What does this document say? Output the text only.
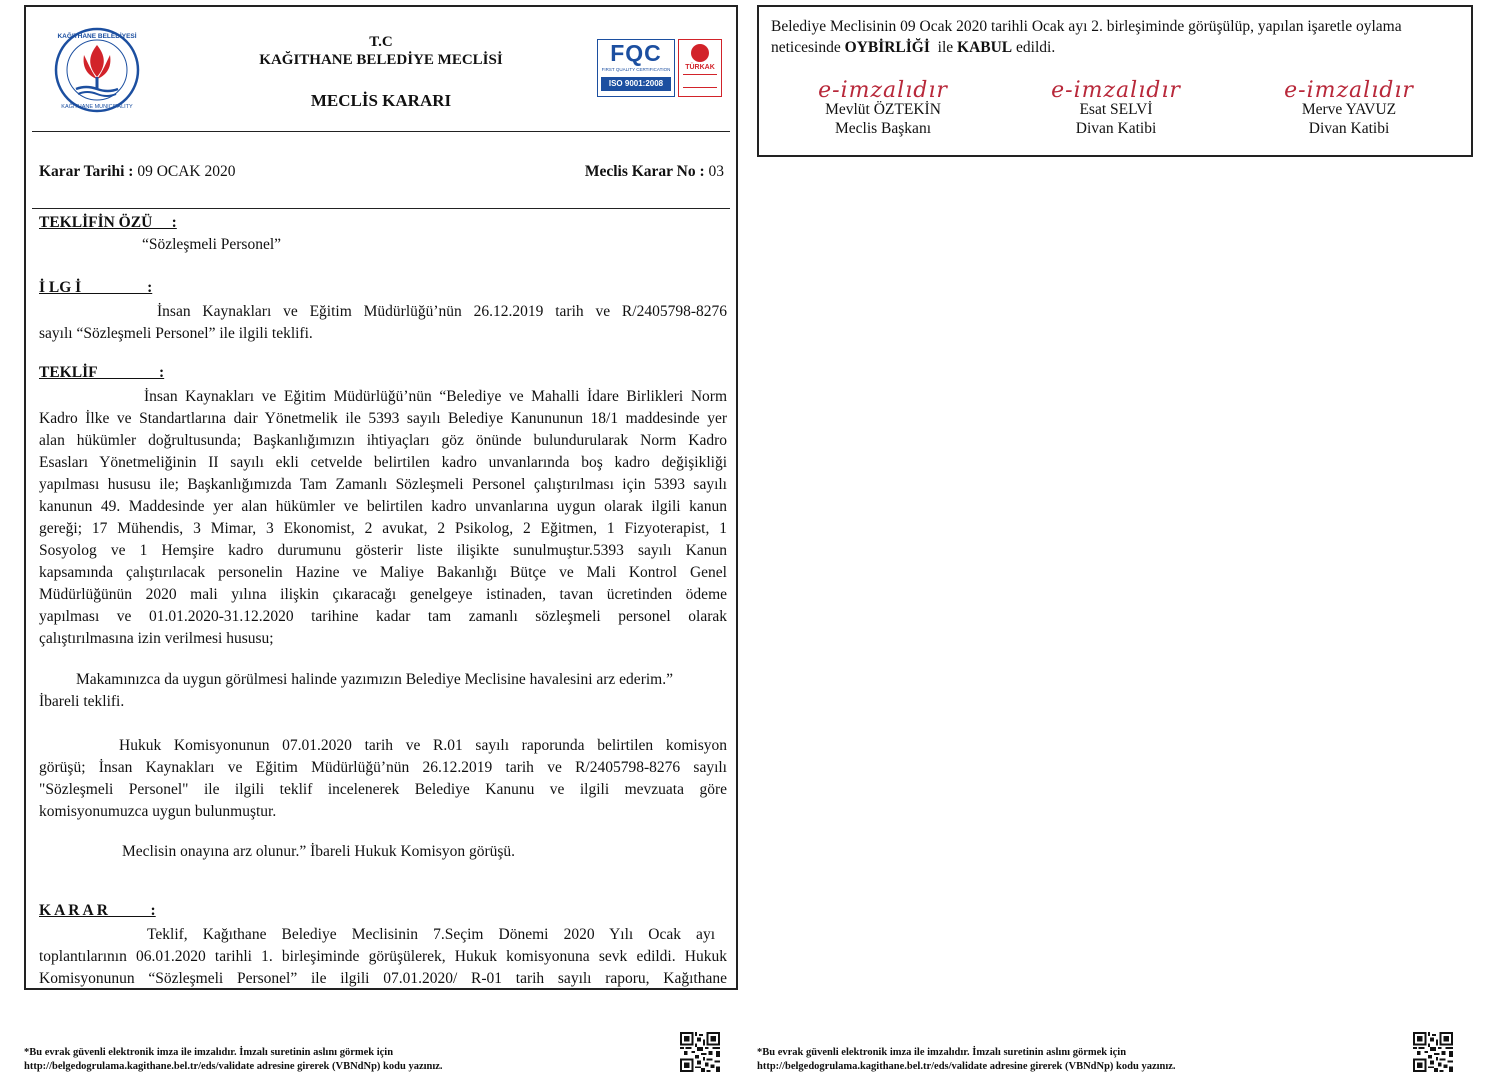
KAĞITHANE BELEDİYESİ
KAĞITHANE MUNICIPALITY
T.C
KAĞITHANE BELEDİYE MECLİSİ
MECLİS KARARI
FQC
FIRST QUALITY CERTIFICATION
ISO 9001:2008
TÜRKAK
Karar Tarihi : 09 OCAK 2020	Meclis Karar No : 03
TEKLİFİN ÖZÜ     :
“Sözleşmeli Personel”
İ LG İ                 :
İnsan Kaynakları ve Eğitim Müdürlüğü’nün 26.12.2019 tarih ve R/2405798-8276
sayılı “Sözleşmeli Personel” ile ilgili teklifi.
TEKLİF                :
İnsan Kaynakları ve Eğitim Müdürlüğü’nün “Belediye ve Mahalli İdare Birlikleri Norm
Kadro İlke ve Standartlarına dair Yönetmelik ile 5393 sayılı Belediye Kanununun 18/1 maddesinde yer
alan hükümler doğrultusunda; Başkanlığımızın ihtiyaçları göz önünde bulundurularak Norm Kadro
Esasları Yönetmeliğinin II sayılı ekli cetvelde belirtilen kadro unvanlarında boş kadro değişikliği
yapılması hususu ile; Başkanlığımızda Tam Zamanlı Sözleşmeli Personel çalıştırılması için 5393 sayılı
kanunun 49. Maddesinde yer alan hükümler ve belirtilen kadro unvanlarına uygun olarak ilgili kanun
gereği; 17 Mühendis, 3 Mimar, 3 Ekonomist, 2 avukat, 2 Psikolog, 2 Eğitmen, 1 Fizyoterapist, 1
Sosyolog ve 1 Hemşire kadro durumunu gösterir liste ilişikte sunulmuştur.5393 sayılı Kanun
kapsamında çalıştırılacak personelin Hazine ve Maliye Bakanlığı Bütçe ve Mali Kontrol Genel
Müdürlüğünün 2020 mali yılına ilişkin çıkaracağı genelgeye istinaden, tavan ücretinden ödeme
yapılması ve 01.01.2020-31.12.2020 tarihine kadar tam zamanlı sözleşmeli personel olarak
çalıştırılmasına izin verilmesi hususu;
Makamınızca da uygun görülmesi halinde yazımızın Belediye Meclisine havalesini arz ederim.”
İbareli teklifi.
Hukuk Komisyonunun 07.01.2020 tarih ve R.01 sayılı raporunda belirtilen komisyon
görüşü; İnsan Kaynakları ve Eğitim Müdürlüğü’nün 26.12.2019 tarih ve R/2405798-8276 sayılı
"Sözleşmeli Personel" ile ilgili teklif incelenerek Belediye Kanunu ve ilgili mevzuata göre
komisyonumuzca uygun bulunmuştur.
Meclisin onayına arz olunur.” İbareli Hukuk Komisyon görüşü.
K A R A R           :
Teklif, Kağıthane Belediye Meclisinin 7.Seçim Dönemi 2020 Yılı Ocak ayı
toplantılarının 06.01.2020 tarihli 1. birleşiminde görüşülerek, Hukuk komisyonuna sevk edildi. Hukuk
Komisyonunun “Sözleşmeli Personel” ile ilgili 07.01.2020/ R-01 tarih sayılı raporu, Kağıthane
Belediye Meclisinin 09 Ocak 2020 tarihli Ocak ayı 2. birleşiminde görüşülüp, yapılan işaretle oylama
neticesinde OYBİRLİĞİ  ile KABUL edildi.
e-imzalıdır
Mevlüt ÖZTEKİN
Meclis Başkanı
e-imzalıdır
Esat SELVİ
Divan Katibi
e-imzalıdır
Merve YAVUZ
Divan Katibi
*Bu evrak güvenli elektronik imza ile imzalıdır. İmzalı suretinin aslını görmek için
http://belgedogrulama.kagithane.bel.tr/eds/validate adresine girerek (VBNdNp) kodu yazınız.
*Bu evrak güvenli elektronik imza ile imzalıdır. İmzalı suretinin aslını görmek için
http://belgedogrulama.kagithane.bel.tr/eds/validate adresine girerek (VBNdNp) kodu yazınız.
